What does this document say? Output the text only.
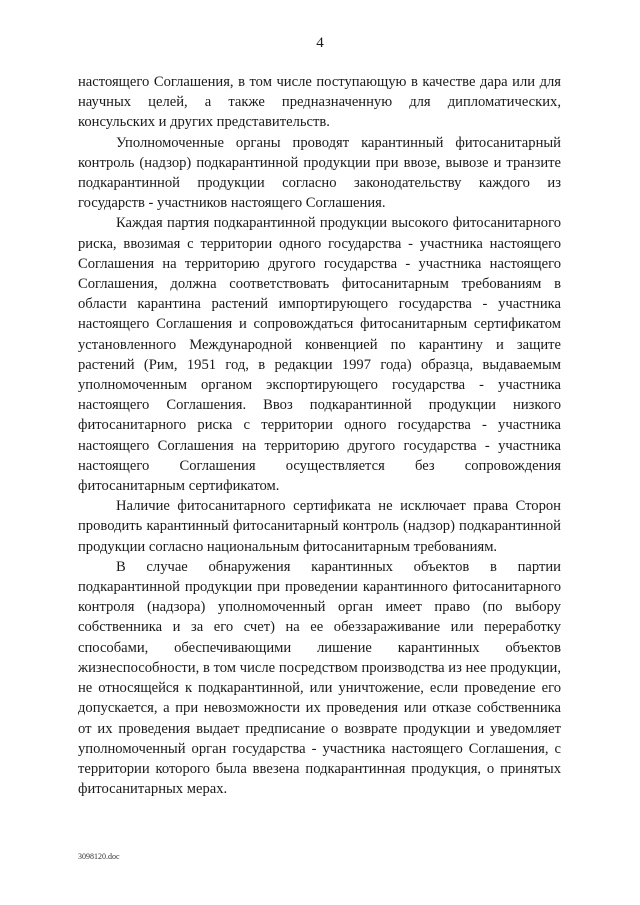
4

настоящего Соглашения, в том числе поступающую в качестве дара или для научных целей, а также предназначенную для дипломатических, консульских и других представительств.

Уполномоченные органы проводят карантинный фитосанитарный контроль (надзор) подкарантинной продукции при ввозе, вывозе и транзите подкарантинной продукции согласно законодательству каждого из государств - участников настоящего Соглашения.

Каждая партия подкарантинной продукции высокого фитосанитарного риска, ввозимая с территории одного государства - участника настоящего Соглашения на территорию другого государства - участника настоящего Соглашения, должна соответствовать фитосанитарным требованиям в области карантина растений импортирующего государства - участника настоящего Соглашения и сопровождаться фитосанитарным сертификатом установленного Международной конвенцией по карантину и защите растений (Рим, 1951 год, в редакции 1997 года) образца, выдаваемым уполномоченным органом экспортирующего государства - участника настоящего Соглашения. Ввоз подкарантинной продукции низкого фитосанитарного риска с территории одного государства - участника настоящего Соглашения на территорию другого государства - участника настоящего Соглашения осуществляется без сопровождения фитосанитарным сертификатом.

Наличие фитосанитарного сертификата не исключает права Сторон проводить карантинный фитосанитарный контроль (надзор) подкарантинной продукции согласно национальным фитосанитарным требованиям.

В случае обнаружения карантинных объектов в партии подкарантинной продукции при проведении карантинного фитосанитарного контроля (надзора) уполномоченный орган имеет право (по выбору собственника и за его счет) на ее обеззараживание или переработку способами, обеспечивающими лишение карантинных объектов жизнеспособности, в том числе посредством производства из нее продукции, не относящейся к подкарантинной, или уничтожение, если проведение его допускается, а при невозможности их проведения или отказе собственника от их проведения выдает предписание о возврате продукции и уведомляет уполномоченный орган государства - участника настоящего Соглашения, с территории которого была ввезена подкарантинная продукция, о принятых фитосанитарных мерах.

3098120.doc
